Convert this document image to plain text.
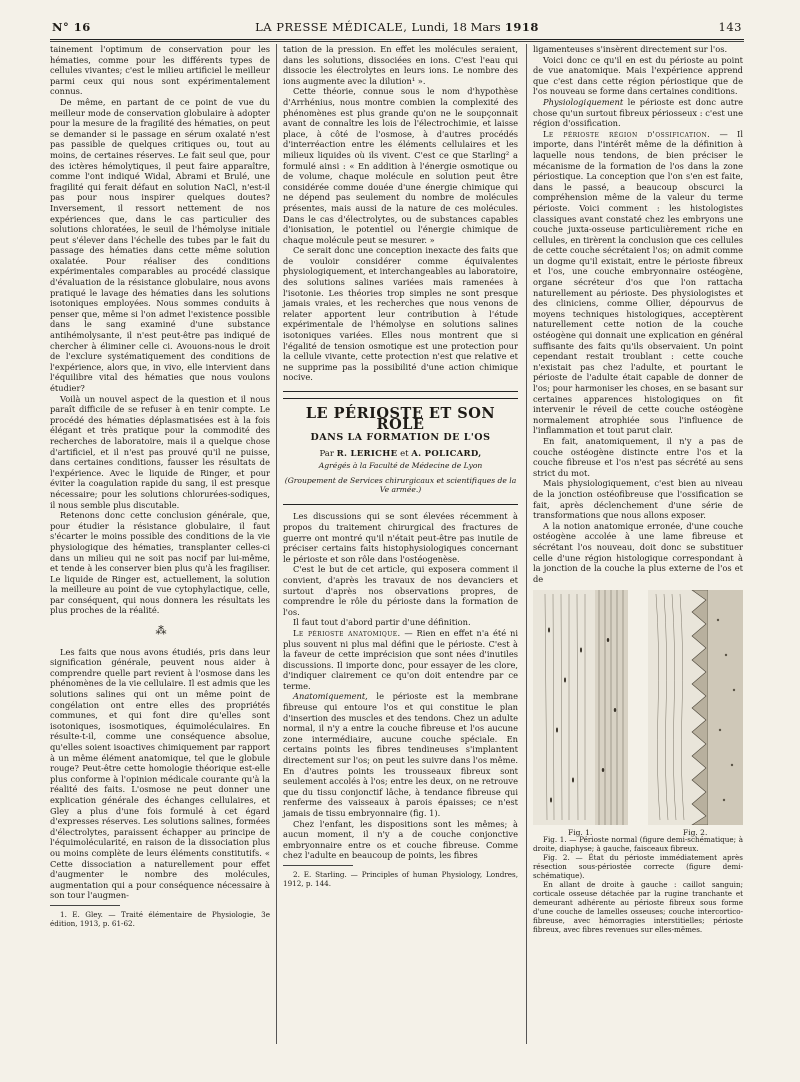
N° 16	LA PRESSE MÉDICALE, Lundi, 18 Mars 1918	143

tainement l'optimum de conservation pour les hématies, comme pour les différents types de cellules vivantes; c'est le milieu artificiel le meilleur parmi ceux qui nous sont expérimentalement connus.

De même, en partant de ce point de vue du meilleur mode de conservation globulaire à adopter pour la mesure de la fragilité des hématies, on peut se demander si le passage en sérum oxalaté n'est pas passible de quelques critiques ou, tout au moins, de certaines réserves. Le fait seul que, pour des ictères hémolytiques, il peut faire apparaître, comme l'ont indiqué Widal, Abrami et Brulé, une fragilité qui ferait défaut en solution NaCl, n'est-il pas pour nous inspirer quelques doutes? Inversement, il ressort nettement de nos expériences que, dans le cas particulier des solutions chloratées, le seuil de l'hémolyse initiale peut s'élever dans l'échelle des tubes par le fait du passage des hématies dans cette même solution oxalatée. Pour réaliser des conditions expérimentales comparables au procédé classique d'évaluation de la résistance globulaire, nous avons pratiqué le lavage des hématies dans les solutions isotoniques employées. Nous sommes conduits à penser que, même si l'on admet l'existence possible dans le sang examiné d'une substance antihémolysante, il n'est peut-être pas indiqué de chercher à éliminer celle ci. Avouons-nous le droit de l'exclure systématiquement des conditions de l'expérience, alors que, in vivo, elle intervient dans l'équilibre vital des hématies que nous voulons étudier?

Voilà un nouvel aspect de la question et il nous paraît difficile de se refuser à en tenir compte. Le procédé des hématies déplasmatisées est à la fois élégant et très pratique pour la commodité des recherches de laboratoire, mais il a quelque chose d'artificiel, et il n'est pas prouvé qu'il ne puisse, dans certaines conditions, fausser les résultats de l'expérience. Avec le liquide de Ringer, et pour éviter la coagulation rapide du sang, il est presque nécessaire; pour les solutions chlorurées-sodiques, il nous semble plus discutable.

Retenons donc cette conclusion générale, que, pour étudier la résistance globulaire, il faut s'écarter le moins possible des conditions de la vie physiologique des hématies, transplanter celles-ci dans un milieu qui ne soit pas nocif par lui-même, et tende à les conserver bien plus qu'à les fragiliser. Le liquide de Ringer est, actuellement, la solution la meilleure au point de vue cytophylactique, celle, par conséquent, qui nous donnera les résultats les plus proches de la réalité.

⁂

Les faits que nous avons étudiés, pris dans leur signification générale, peuvent nous aider à comprendre quelle part revient à l'osmose dans les phénomènes de la vie cellulaire. Il est admis que les solutions salines qui ont un même point de congélation ont entre elles des propriétés communes, et qui font dire qu'elles sont isotoniques, isosmotiques, équimoléculaires. En résulte-t-il, comme une conséquence absolue, qu'elles soient isoactives chimiquement par rapport à un même élément anatomique, tel que le globule rouge? Peut-être cette homologie théorique est-elle plus conforme à l'opinion médicale courante qu'à la réalité des faits. L'osmose ne peut donner une explication générale des échanges cellulaires, et Gley a plus d'une fois formulé à cet égard d'expresses réserves. Les solutions salines, formées d'électrolytes, paraissent échapper au principe de l'équimolécularité, en raison de la dissociation plus ou moins complète de leurs éléments constitutifs. « Cette dissociation a naturellement pour effet d'augmenter le nombre des molécules, augmentation qui a pour conséquence nécessaire à son tour l'augmen-

1. E. Gley. — Traité élémentaire de Physiologie, 3e édition, 1913, p. 61-62.

tation de la pression. En effet les molécules seraient, dans les solutions, dissociées en ions. C'est l'eau qui dissocie les électrolytes en leurs ions. Le nombre des ions augmente avec la dilution¹ ».

Cette théorie, connue sous le nom d'hypothèse d'Arrhénius, nous montre combien la complexité des phénomènes est plus grande qu'on ne le soupçonnait avant de connaître les lois de l'électrochimie, et laisse place, à côté de l'osmose, à d'autres procédés d'interréaction entre les éléments cellulaires et les milieux liquides où ils vivent. C'est ce que Starling² a formulé ainsi : « En addition à l'énergie osmotique ou de volume, chaque molécule en solution peut être considérée comme douée d'une énergie chimique qui ne dépend pas seulement du nombre de molécules présentes, mais aussi de la nature de ces molécules. Dans le cas d'électrolytes, ou de substances capables d'ionisation, le potentiel ou l'énergie chimique de chaque molécule peut se mesurer. »

Ce serait donc une conception inexacte des faits que de vouloir considérer comme équivalentes physiologiquement, et interchangeables au laboratoire, des solutions salines variées mais ramenées à l'isotonie. Les théories trop simples ne sont presque jamais vraies, et les recherches que nous venons de relater apportent leur contribution à l'étude expérimentale de l'hémolyse en solutions salines isotoniques variées. Elles nous montrent que si l'égalité de tension osmotique est une protection pour la cellule vivante, cette protection n'est que relative et ne supprime pas la possibilité d'une action chimique nocive.

LE PÉRIOSTE ET SON ROLE
DANS LA FORMATION DE L'OS
Par R. LERICHE et A. POLICARD,
Agrégés à la Faculté de Médecine de Lyon
(Groupement de Services chirurgicaux et scientifiques de la Ve armée.)

Les discussions qui se sont élevées récemment à propos du traitement chirurgical des fractures de guerre ont montré qu'il n'était peut-être pas inutile de préciser certains faits histophysiologiques concernant le périoste et son rôle dans l'ostéogenèse.

C'est le but de cet article, qui exposera comment il convient, d'après les travaux de nos devanciers et surtout d'après nos observations propres, de comprendre le rôle du périoste dans la formation de l'os.

Il faut tout d'abord partir d'une définition.

Le périoste anatomique. — Rien en effet n'a été ni plus souvent ni plus mal défini que le périoste. C'est à la faveur de cette imprécision que sont nées d'inutiles discussions. Il importe donc, pour essayer de les clore, d'indiquer clairement ce qu'on doit entendre par ce terme.

Anatomiquement, le périoste est la membrane fibreuse qui entoure l'os et qui constitue le plan d'insertion des muscles et des tendons. Chez un adulte normal, il n'y a entre la couche fibreuse et l'os aucune zone intermédiaire, aucune couche spéciale. En certains points les fibres tendineuses s'implantent directement sur l'os; on peut les suivre dans l'os même. En d'autres points les trousseaux fibreux sont seulement accolés à l'os; entre les deux, on ne retrouve que du tissu conjonctif lâche, à tendance fibreuse qui renferme des vaisseaux à parois épaisses; ce n'est jamais de tissu embryonnaire (fig. 1).

Chez l'enfant, les dispositions sont les mêmes; à aucun moment, il n'y a de couche conjonctive embryonnaire entre os et couche fibreuse. Comme chez l'adulte en beaucoup de points, les fibres

2. E. Starling. — Principles of human Physiology, Londres, 1912, p. 144.

ligamenteuses s'insèrent directement sur l'os.

Voici donc ce qu'il en est du périoste au point de vue anatomique. Mais l'expérience apprend que c'est dans cette région périostique que de l'os nouveau se forme dans certaines conditions.

Physiologiquement le périoste est donc autre chose qu'un surtout fibreux périosseux : c'est une région d'ossification.

Le périoste région d'ossification. — Il importe, dans l'intérêt même de la définition à laquelle nous tendons, de bien préciser le mécanisme de la formation de l'os dans la zone périostique. La conception que l'on s'en est faite, dans le passé, a beaucoup obscurci la compréhension même de la valeur du terme périoste. Voici comment : les histologistes classiques avant constaté chez les embryons une couche juxta-osseuse particulièrement riche en cellules, en tirèrent la conclusion que ces cellules de cette couche sécrétaient l'os; on admit comme un dogme qu'il existait, entre le périoste fibreux et l'os, une couche embryonnaire ostéogène, organe sécréteur d'os que l'on rattacha naturellement au périoste. Des physiologistes et des cliniciens, comme Ollier, dépourvus de moyens techniques histologiques, acceptèrent naturellement cette notion de la couche ostéogène qui donnait une explication en général suffisante des faits qu'ils observaient. Un point cependant restait troublant : cette couche n'existait pas chez l'adulte, et pourtant le périoste de l'adulte était capable de donner de l'os; pour harmoniser les choses, en se basant sur certaines apparences histologiques on fit intervenir le réveil de cette couche ostéogène normalement atrophiée sous l'influence de l'inflammation et tout parut clair.

En fait, anatomiquement, il n'y a pas de couche ostéogène distincte entre l'os et la couche fibreuse et l'os n'est pas sécrété au sens strict du mot.

Mais physiologiquement, c'est bien au niveau de la jonction ostéofibreuse que l'ossification se fait, après déclenchement d'une série de transformations que nous allons exposer.

A la notion anatomique erronée, d'une couche ostéogène accolée à une lame fibreuse et sécrétant l'os nouveau, doit donc se substituer celle d'une région histologique correspondant à la jonction de la couche la plus externe de l'os et de

Fig. 1.	Fig. 2.

Fig. 1. — Périoste normal (figure demi-schématique; à droite, diaphyse; à gauche, faisceaux fibreux.

Fig. 2. — État du périoste immédiatement après résection sous-périostée correcte (figure demi-schématique).

En allant de droite à gauche : caillot sanguin; corticale osseuse détachée par la rugine tranchante et demeurant adhérente au périoste fibreux sous forme d'une couche de lamelles osseuses; couche intercortico-fibreuse, avec hémorragies interstitielles; périoste fibreux, avec fibres revenues sur elles-mêmes.
